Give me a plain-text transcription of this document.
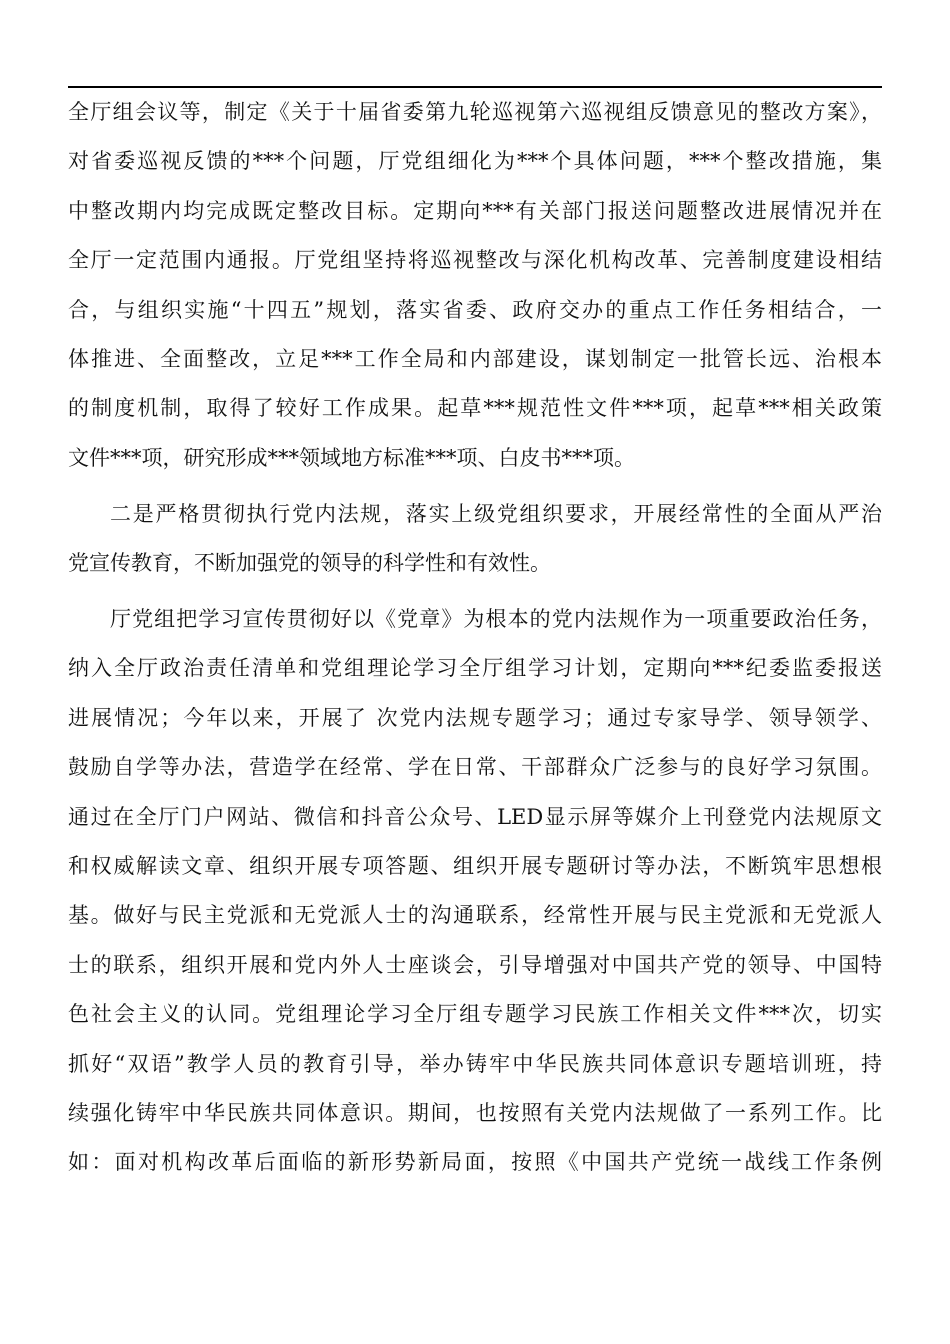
全厅组会议等，制定《关于十届省委第九轮巡视第六巡视组反馈意见的整改方案》，
对省委巡视反馈的***个问题，厅党组细化为***个具体问题，***个整改措施，集
中整改期内均完成既定整改目标。定期向***有关部门报送问题整改进展情况并在
全厅一定范围内通报。厅党组坚持将巡视整改与深化机构改革、完善制度建设相结
合，与组织实施“十四五”规划，落实省委、政府交办的重点工作任务相结合，一
体推进、全面整改，立足***工作全局和内部建设，谋划制定一批管长远、治根本
的制度机制，取得了较好工作成果。起草***规范性文件***项，起草***相关政策
文件***项，研究形成***领域地方标准***项、白皮书***项。
二是严格贯彻执行党内法规，落实上级党组织要求，开展经常性的全面从严治
党宣传教育，不断加强党的领导的科学性和有效性。
厅党组把学习宣传贯彻好以《党章》为根本的党内法规作为一项重要政治任务，
纳入全厅政治责任清单和党组理论学习全厅组学习计划，定期向***纪委监委报送
进展情况；今年以来，开展了 次党内法规专题学习；通过专家导学、领导领学、
鼓励自学等办法，营造学在经常、学在日常、干部群众广泛参与的良好学习氛围。
通过在全厅门户网站、微信和抖音公众号、LED显示屏等媒介上刊登党内法规原文
和权威解读文章、组织开展专项答题、组织开展专题研讨等办法，不断筑牢思想根
基。做好与民主党派和无党派人士的沟通联系，经常性开展与民主党派和无党派人
士的联系，组织开展和党内外人士座谈会，引导增强对中国共产党的领导、中国特
色社会主义的认同。党组理论学习全厅组专题学习民族工作相关文件***次，切实
抓好“双语”教学人员的教育引导，举办铸牢中华民族共同体意识专题培训班，持
续强化铸牢中华民族共同体意识。期间，也按照有关党内法规做了一系列工作。比
如：面对机构改革后面临的新形势新局面，按照《中国共产党统一战线工作条例
